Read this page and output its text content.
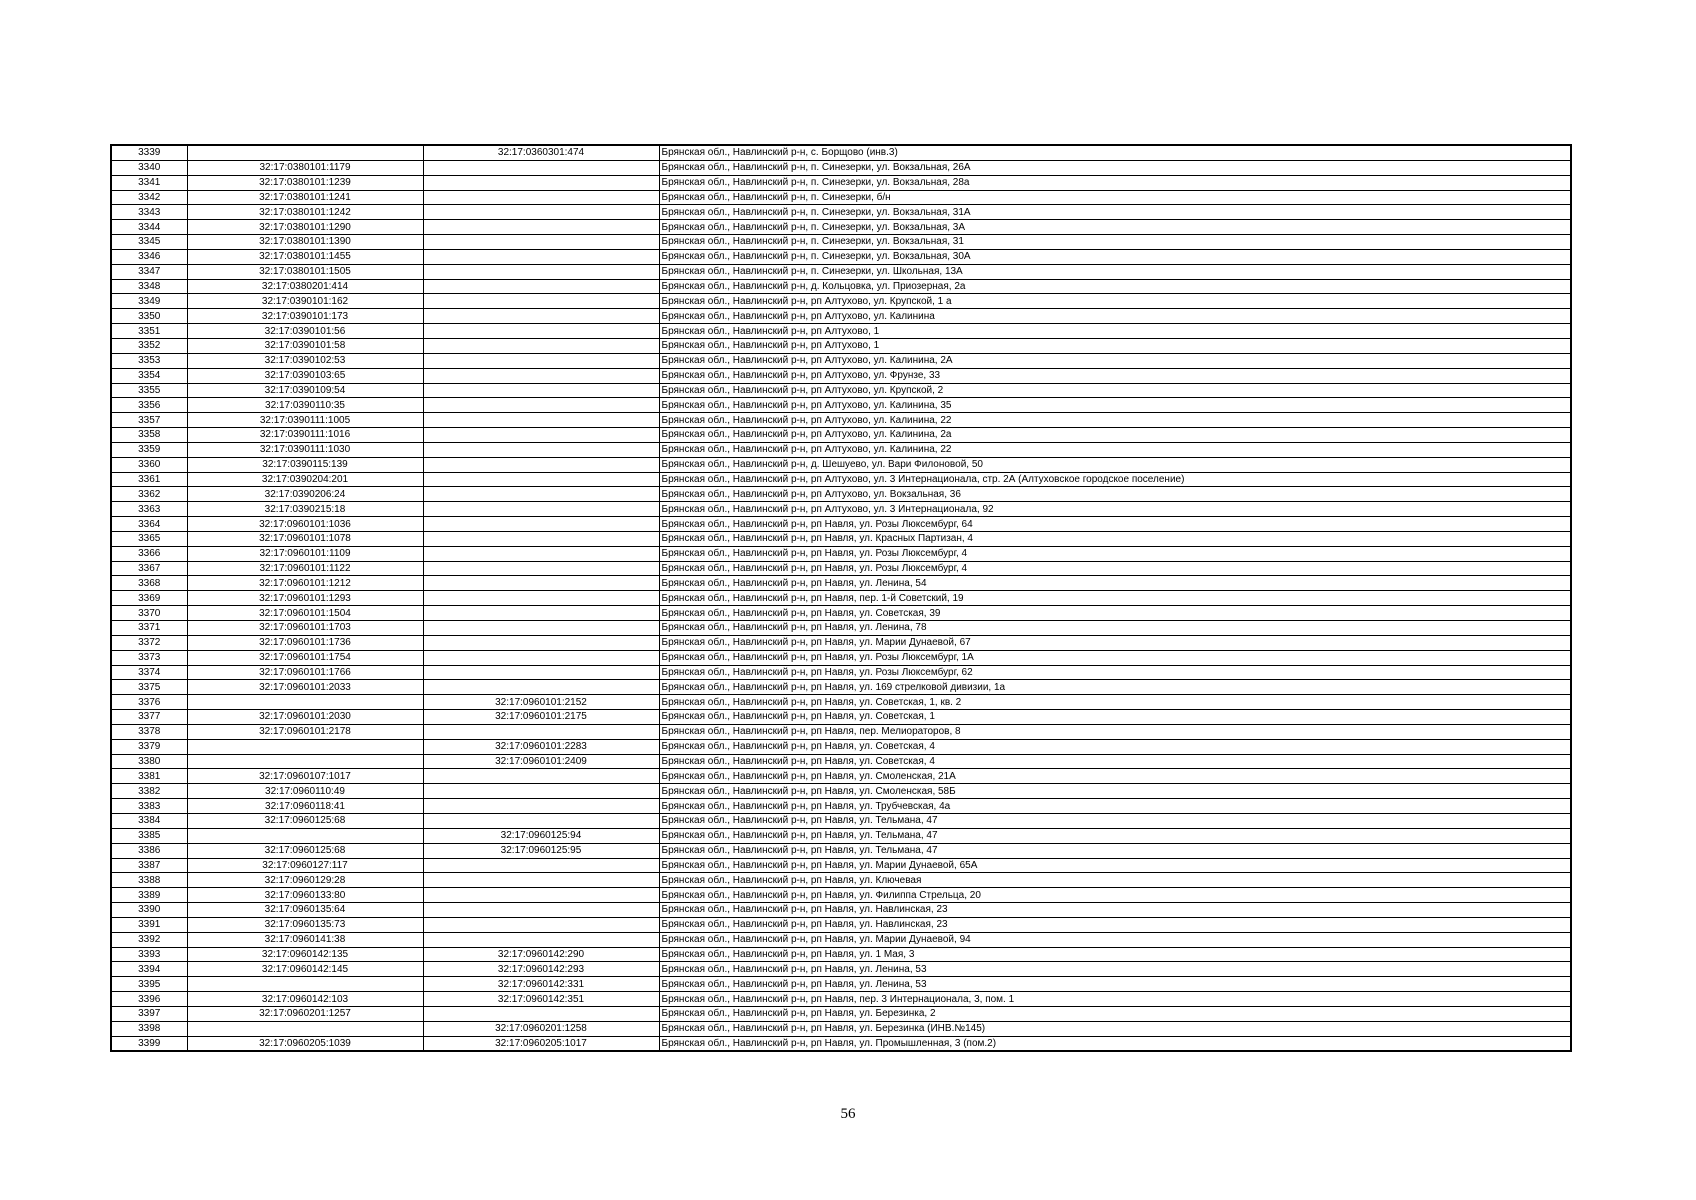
3339		32:17:0360301:474	Брянская обл., Навлинский р-н, с. Борщово (инв.3)
3340	32:17:0380101:1179		Брянская обл., Навлинский р-н, п. Синезерки, ул. Вокзальная, 26А
3341	32:17:0380101:1239		Брянская обл., Навлинский р-н, п. Синезерки, ул. Вокзальная, 28а
3342	32:17:0380101:1241		Брянская обл., Навлинский р-н, п. Синезерки, б/н
3343	32:17:0380101:1242		Брянская обл., Навлинский р-н, п. Синезерки, ул. Вокзальная, 31А
3344	32:17:0380101:1290		Брянская обл., Навлинский р-н, п. Синезерки, ул. Вокзальная, 3А
3345	32:17:0380101:1390		Брянская обл., Навлинский р-н, п. Синезерки, ул. Вокзальная, 31
3346	32:17:0380101:1455		Брянская обл., Навлинский р-н, п. Синезерки, ул. Вокзальная, 30А
3347	32:17:0380101:1505		Брянская обл., Навлинский р-н, п. Синезерки, ул. Школьная, 13А
3348	32:17:0380201:414		Брянская обл., Навлинский р-н, д. Кольцовка, ул. Приозерная, 2а
3349	32:17:0390101:162		Брянская обл., Навлинский р-н, рп Алтухово, ул. Крупской, 1 а
3350	32:17:0390101:173		Брянская обл., Навлинский р-н, рп Алтухово, ул. Калинина
3351	32:17:0390101:56		Брянская обл., Навлинский р-н, рп Алтухово, 1
3352	32:17:0390101:58		Брянская обл., Навлинский р-н, рп Алтухово, 1
3353	32:17:0390102:53		Брянская обл., Навлинский р-н, рп Алтухово, ул. Калинина, 2А
3354	32:17:0390103:65		Брянская обл., Навлинский р-н, рп Алтухово, ул. Фрунзе, 33
3355	32:17:0390109:54		Брянская обл., Навлинский р-н, рп Алтухово, ул. Крупской, 2
3356	32:17:0390110:35		Брянская обл., Навлинский р-н, рп Алтухово, ул. Калинина, 35
3357	32:17:0390111:1005		Брянская обл., Навлинский р-н, рп Алтухово, ул. Калинина, 22
3358	32:17:0390111:1016		Брянская обл., Навлинский р-н, рп Алтухово, ул. Калинина, 2а
3359	32:17:0390111:1030		Брянская обл., Навлинский р-н, рп Алтухово, ул. Калинина, 22
3360	32:17:0390115:139		Брянская обл., Навлинский р-н, д. Шешуево, ул. Вари Филоновой, 50
3361	32:17:0390204:201		Брянская обл., Навлинский р-н, рп Алтухово, ул. 3 Интернационала, стр. 2А (Алтуховское городское поселение)
3362	32:17:0390206:24		Брянская обл., Навлинский р-н, рп Алтухово, ул. Вокзальная, 36
3363	32:17:0390215:18		Брянская обл., Навлинский р-н, рп Алтухово, ул. 3 Интернационала, 92
3364	32:17:0960101:1036		Брянская обл., Навлинский р-н, рп Навля, ул. Розы Люксембург, 64
3365	32:17:0960101:1078		Брянская обл., Навлинский р-н, рп Навля, ул. Красных Партизан, 4
3366	32:17:0960101:1109		Брянская обл., Навлинский р-н, рп Навля, ул. Розы Люксембург, 4
3367	32:17:0960101:1122		Брянская обл., Навлинский р-н, рп Навля, ул. Розы Люксембург, 4
3368	32:17:0960101:1212		Брянская обл., Навлинский р-н, рп Навля, ул. Ленина, 54
3369	32:17:0960101:1293		Брянская обл., Навлинский р-н, рп Навля, пер. 1-й Советский, 19
3370	32:17:0960101:1504		Брянская обл., Навлинский р-н, рп Навля, ул. Советская, 39
3371	32:17:0960101:1703		Брянская обл., Навлинский р-н, рп Навля, ул. Ленина, 78
3372	32:17:0960101:1736		Брянская обл., Навлинский р-н, рп Навля, ул. Марии Дунаевой, 67
3373	32:17:0960101:1754		Брянская обл., Навлинский р-н, рп Навля, ул. Розы Люксембург, 1А
3374	32:17:0960101:1766		Брянская обл., Навлинский р-н, рп Навля, ул. Розы Люксембург, 62
3375	32:17:0960101:2033		Брянская обл., Навлинский р-н, рп Навля, ул. 169 стрелковой дивизии, 1а
3376		32:17:0960101:2152	Брянская обл., Навлинский р-н, рп Навля, ул. Советская, 1, кв. 2
3377	32:17:0960101:2030	32:17:0960101:2175	Брянская обл., Навлинский р-н, рп Навля, ул. Советская, 1
3378	32:17:0960101:2178		Брянская обл., Навлинский р-н, рп Навля, пер. Мелиораторов, 8
3379		32:17:0960101:2283	Брянская обл., Навлинский р-н, рп Навля, ул. Советская, 4
3380		32:17:0960101:2409	Брянская обл., Навлинский р-н, рп Навля, ул. Советская, 4
3381	32:17:0960107:1017		Брянская обл., Навлинский р-н, рп Навля, ул. Смоленская, 21А
3382	32:17:0960110:49		Брянская обл., Навлинский р-н, рп Навля, ул. Смоленская, 58Б
3383	32:17:0960118:41		Брянская обл., Навлинский р-н, рп Навля, ул. Трубчевская, 4а
3384	32:17:0960125:68		Брянская обл., Навлинский р-н, рп Навля, ул. Тельмана, 47
3385		32:17:0960125:94	Брянская обл., Навлинский р-н, рп Навля, ул. Тельмана, 47
3386	32:17:0960125:68	32:17:0960125:95	Брянская обл., Навлинский р-н, рп Навля, ул. Тельмана, 47
3387	32:17:0960127:117		Брянская обл., Навлинский р-н, рп Навля, ул. Марии Дунаевой, 65А
3388	32:17:0960129:28		Брянская обл., Навлинский р-н, рп Навля, ул. Ключевая
3389	32:17:0960133:80		Брянская обл., Навлинский р-н, рп Навля, ул. Филиппа Стрельца, 20
3390	32:17:0960135:64		Брянская обл., Навлинский р-н, рп Навля, ул. Навлинская, 23
3391	32:17:0960135:73		Брянская обл., Навлинский р-н, рп Навля, ул. Навлинская, 23
3392	32:17:0960141:38		Брянская обл., Навлинский р-н, рп Навля, ул. Марии Дунаевой, 94
3393	32:17:0960142:135	32:17:0960142:290	Брянская обл., Навлинский р-н, рп Навля, ул. 1 Мая, 3
3394	32:17:0960142:145	32:17:0960142:293	Брянская обл., Навлинский р-н, рп Навля, ул. Ленина, 53
3395		32:17:0960142:331	Брянская обл., Навлинский р-н, рп Навля, ул. Ленина, 53
3396	32:17:0960142:103	32:17:0960142:351	Брянская обл., Навлинский р-н, рп Навля, пер. 3 Интернационала, 3, пом. 1
3397	32:17:0960201:1257		Брянская обл., Навлинский р-н, рп Навля, ул. Березинка, 2
3398		32:17:0960201:1258	Брянская обл., Навлинский р-н, рп Навля, ул. Березинка (ИНВ.№145)
3399	32:17:0960205:1039	32:17:0960205:1017	Брянская обл., Навлинский р-н, рп Навля, ул. Промышленная, 3 (пом.2)
56
